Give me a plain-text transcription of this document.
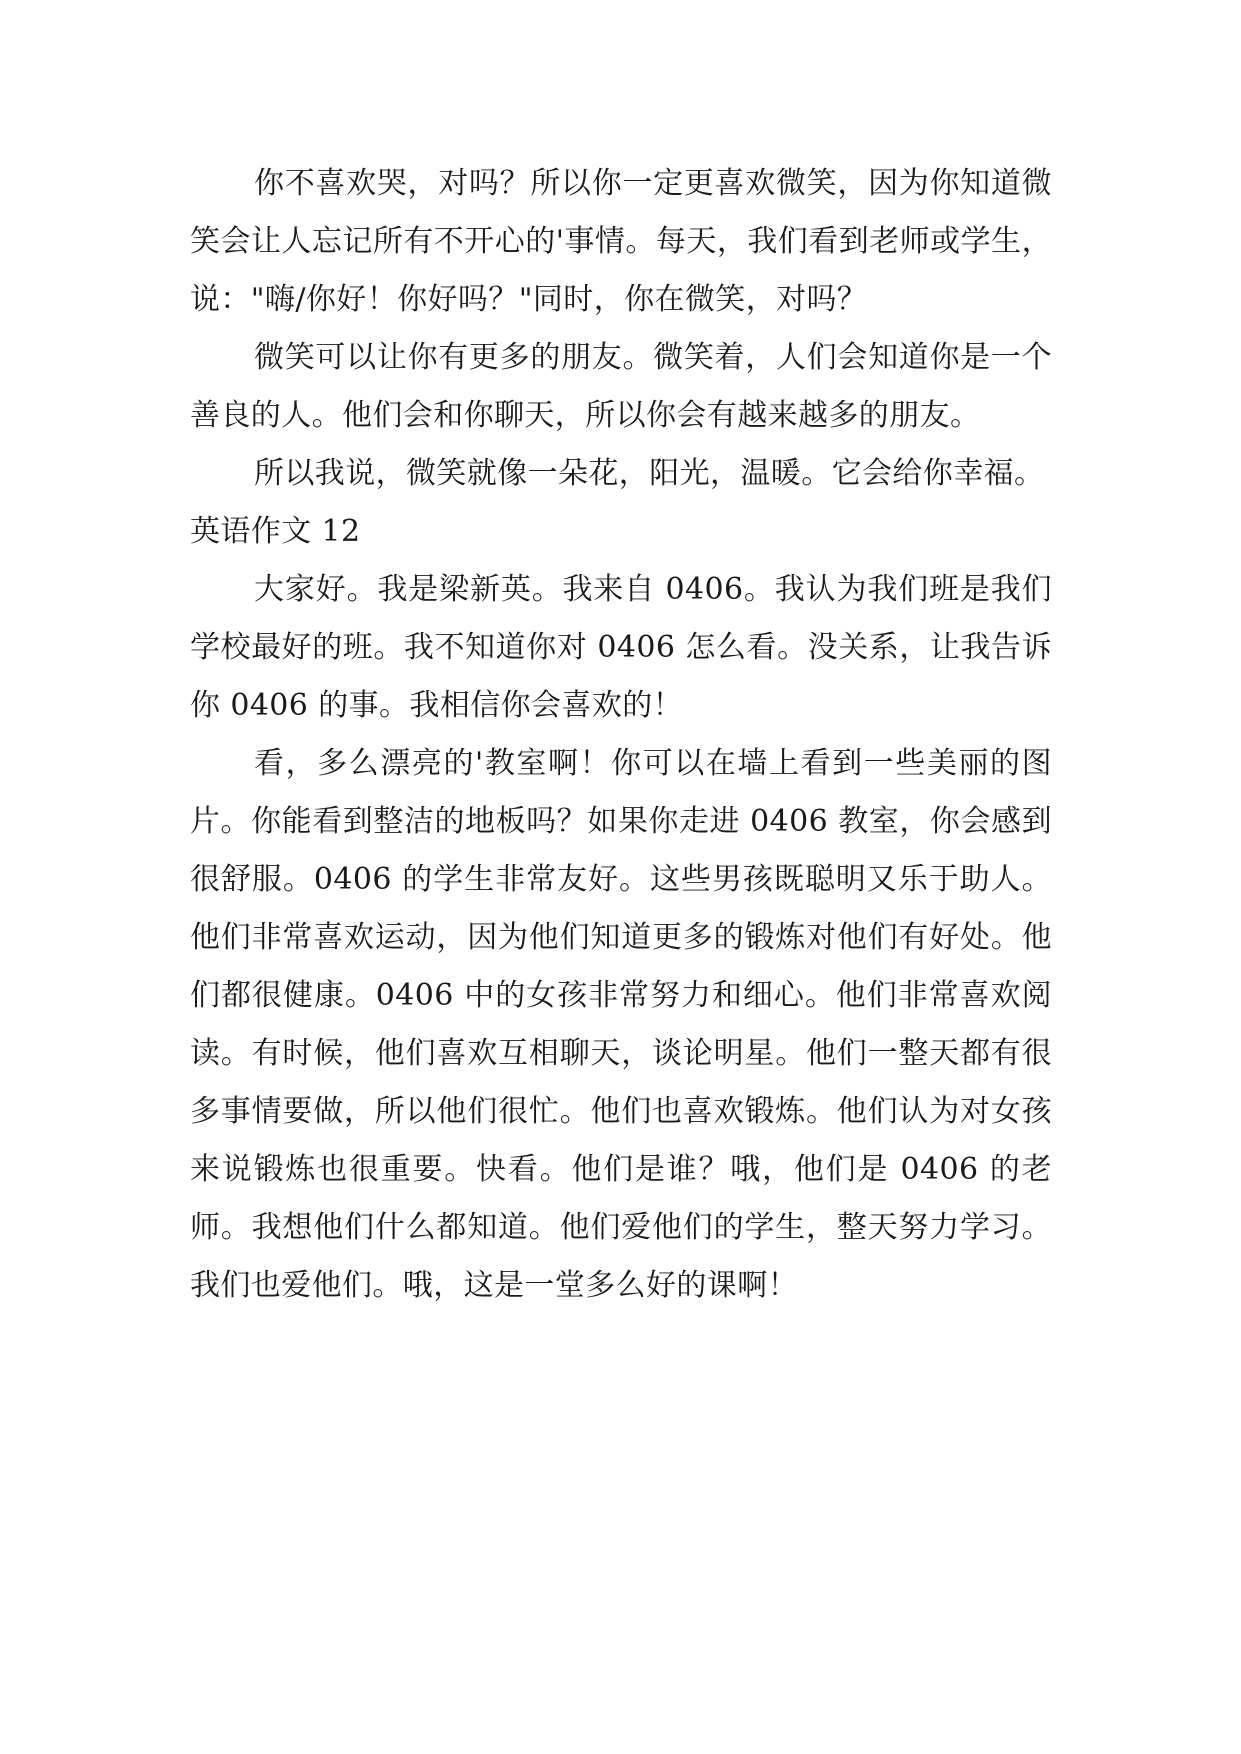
你不喜欢哭，对吗？所以你一定更喜欢微笑，因为你知道微笑会让人忘记所有不开心的'事情。每天，我们看到老师或学生，说："嗨/你好！你好吗？"同时，你在微笑，对吗？

微笑可以让你有更多的朋友。微笑着，人们会知道你是一个善良的人。他们会和你聊天，所以你会有越来越多的朋友。

所以我说，微笑就像一朵花，阳光，温暖。它会给你幸福。

英语作文 12

大家好。我是梁新英。我来自 0406。我认为我们班是我们学校最好的班。我不知道你对 0406 怎么看。没关系，让我告诉你 0406 的事。我相信你会喜欢的！

看，多么漂亮的'教室啊！你可以在墙上看到一些美丽的图片。你能看到整洁的地板吗？如果你走进 0406 教室，你会感到很舒服。0406 的学生非常友好。这些男孩既聪明又乐于助人。他们非常喜欢运动，因为他们知道更多的锻炼对他们有好处。他们都很健康。0406 中的女孩非常努力和细心。他们非常喜欢阅读。有时候，他们喜欢互相聊天，谈论明星。他们一整天都有很多事情要做，所以他们很忙。他们也喜欢锻炼。他们认为对女孩来说锻炼也很重要。快看。他们是谁？哦，他们是 0406 的老师。我想他们什么都知道。他们爱他们的学生，整天努力学习。我们也爱他们。哦，这是一堂多么好的课啊！
